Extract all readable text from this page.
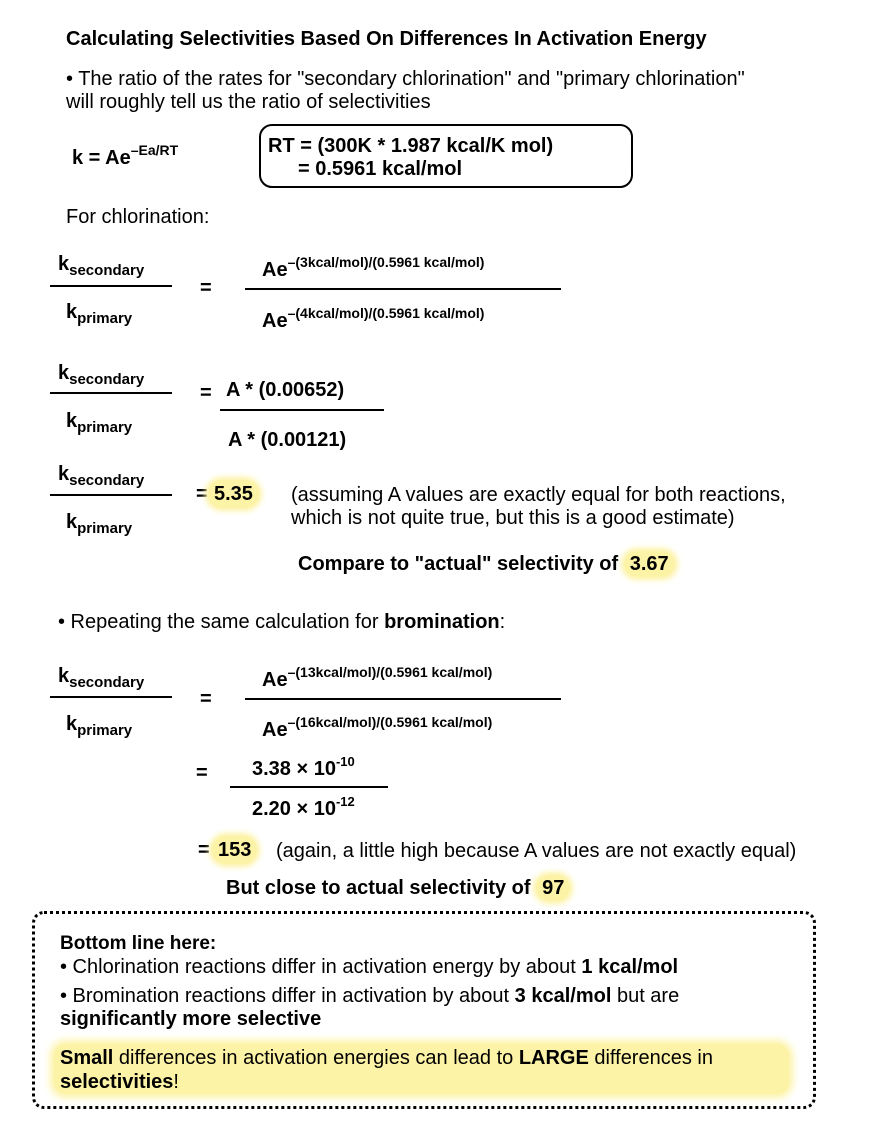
Calculating Selectivities Based On Differences In Activation Energy
• The ratio of the rates for "secondary chlorination" and "primary chlorination"
will roughly tell us the ratio of selectivities
$k = Ae^{-Ea/RT}$	RT = (300K * 1.987 kcal/K mol)
= 0.5961 kcal/mol
For chlorination:
$k_{secondary}$
$k_{primary}$
=
$Ae^{-(3kcal/mol)/(0.5961 kcal/mol)}$
$Ae^{-(4kcal/mol)/(0.5961 kcal/mol)}$
$k_{secondary}$
$k_{primary}$
= A * (0.00652)
A * (0.00121)
$k_{secondary}$
$k_{primary}$
= 5.35	(assuming A values are exactly equal for both reactions,
which is not quite true, but this is a good estimate)
Compare to "actual" selectivity of 3.67
• Repeating the same calculation for bromination:
$k_{secondary}$
$k_{primary}$
=
$Ae^{-(13kcal/mol)/(0.5961 kcal/mol)}$
$Ae^{-(16kcal/mol)/(0.5961 kcal/mol)}$
= $3.38 \times 10^{-10}$
$2.20 \times 10^{-12}$
= 153	(again, a little high because A values are not exactly equal)
But close to actual selectivity of 97
Bottom line here:
• Chlorination reactions differ in activation energy by about 1 kcal/mol
• Bromination reactions differ in activation by about 3 kcal/mol but are
significantly more selective
Small differences in activation energies can lead to LARGE differences in
selectivities!
